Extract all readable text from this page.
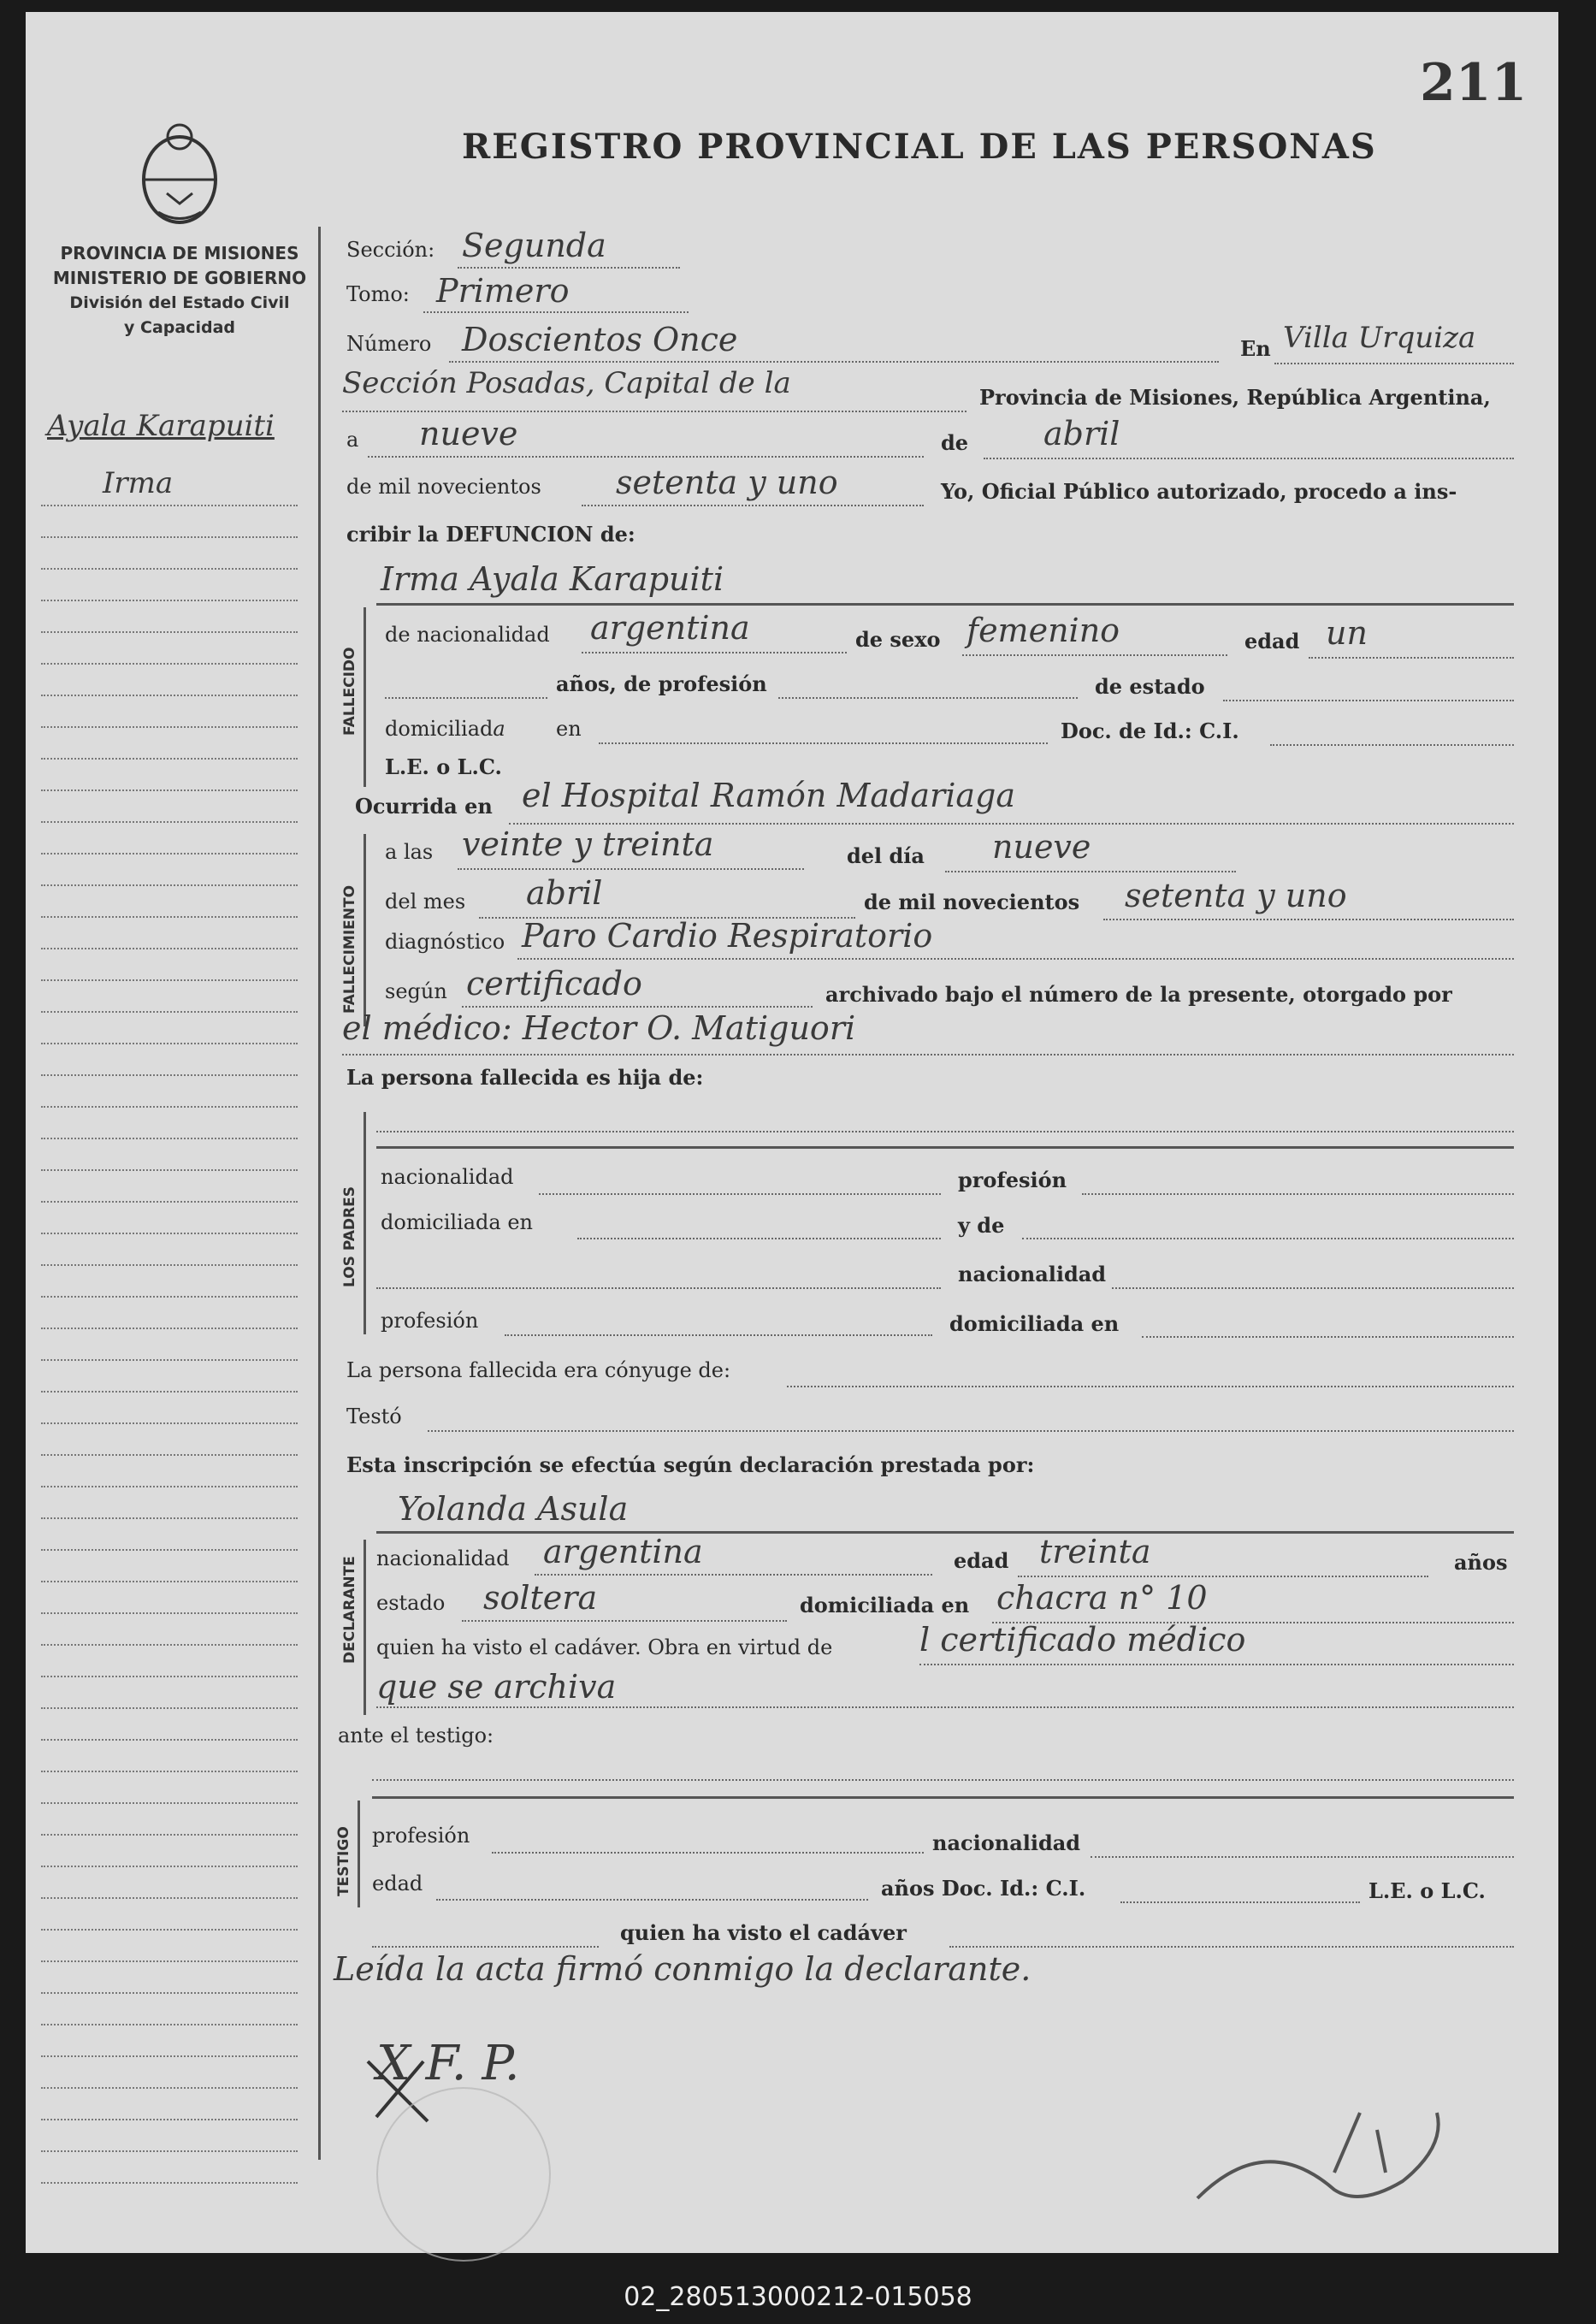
211
REGISTRO PROVINCIAL DE LAS PERSONAS
PROVINCIA DE MISIONES
MINISTERIO DE GOBIERNO
División del Estado Civil
y Capacidad
Ayala Karapuiti
Irma
Sección: Segunda
Tomo: Primero
Número Doscientos Once	En Villa Urquiza
Sección Posadas, Capital de la	Provincia de Misiones, República Argentina,
a nueve	de abril
de mil novecientos setenta y uno	Yo, Oficial Público autorizado, procedo a ins-
cribir la DEFUNCION de:
FALLECIDO
Irma Ayala Karapuiti
de nacionalidad argentina	de sexo femenino	edad un
años, de profesión	de estado
domiciliada en	Doc. de Id.: C.I.
L.E. o L.C.
Ocurrida en el Hospital Ramón Madariaga
FALLECIMIENTO
a las veinte y treinta	del día nueve
del mes abril	de mil novecientos setenta y uno
diagnóstico Paro Cardio Respiratorio
según certificado	archivado bajo el número de la presente, otorgado por
el médico: Hector O. Matiguori
La persona fallecida es hija de:
LOS PADRES
nacionalidad	profesión
domiciliada en	y de
nacionalidad
profesión	domiciliada en
La persona fallecida era cónyuge de:
Testó
Esta inscripción se efectúa según declaración prestada por:
Yolanda Asula
DECLARANTE nacionalidad argentina	edad treinta	años
estado soltera	domiciliada en chacra n° 10
quien ha visto el cadáver. Obra en virtud de	l certificado médico
que se archiva
ante el testigo:
TESTIGO profesión	nacionalidad
edad	años Doc. Id.: C.I.	L.E. o L.C.
quien ha visto el cadáver
Leída la acta firmó conmigo la declarante.
X F. P.
02_280513000212-015058
